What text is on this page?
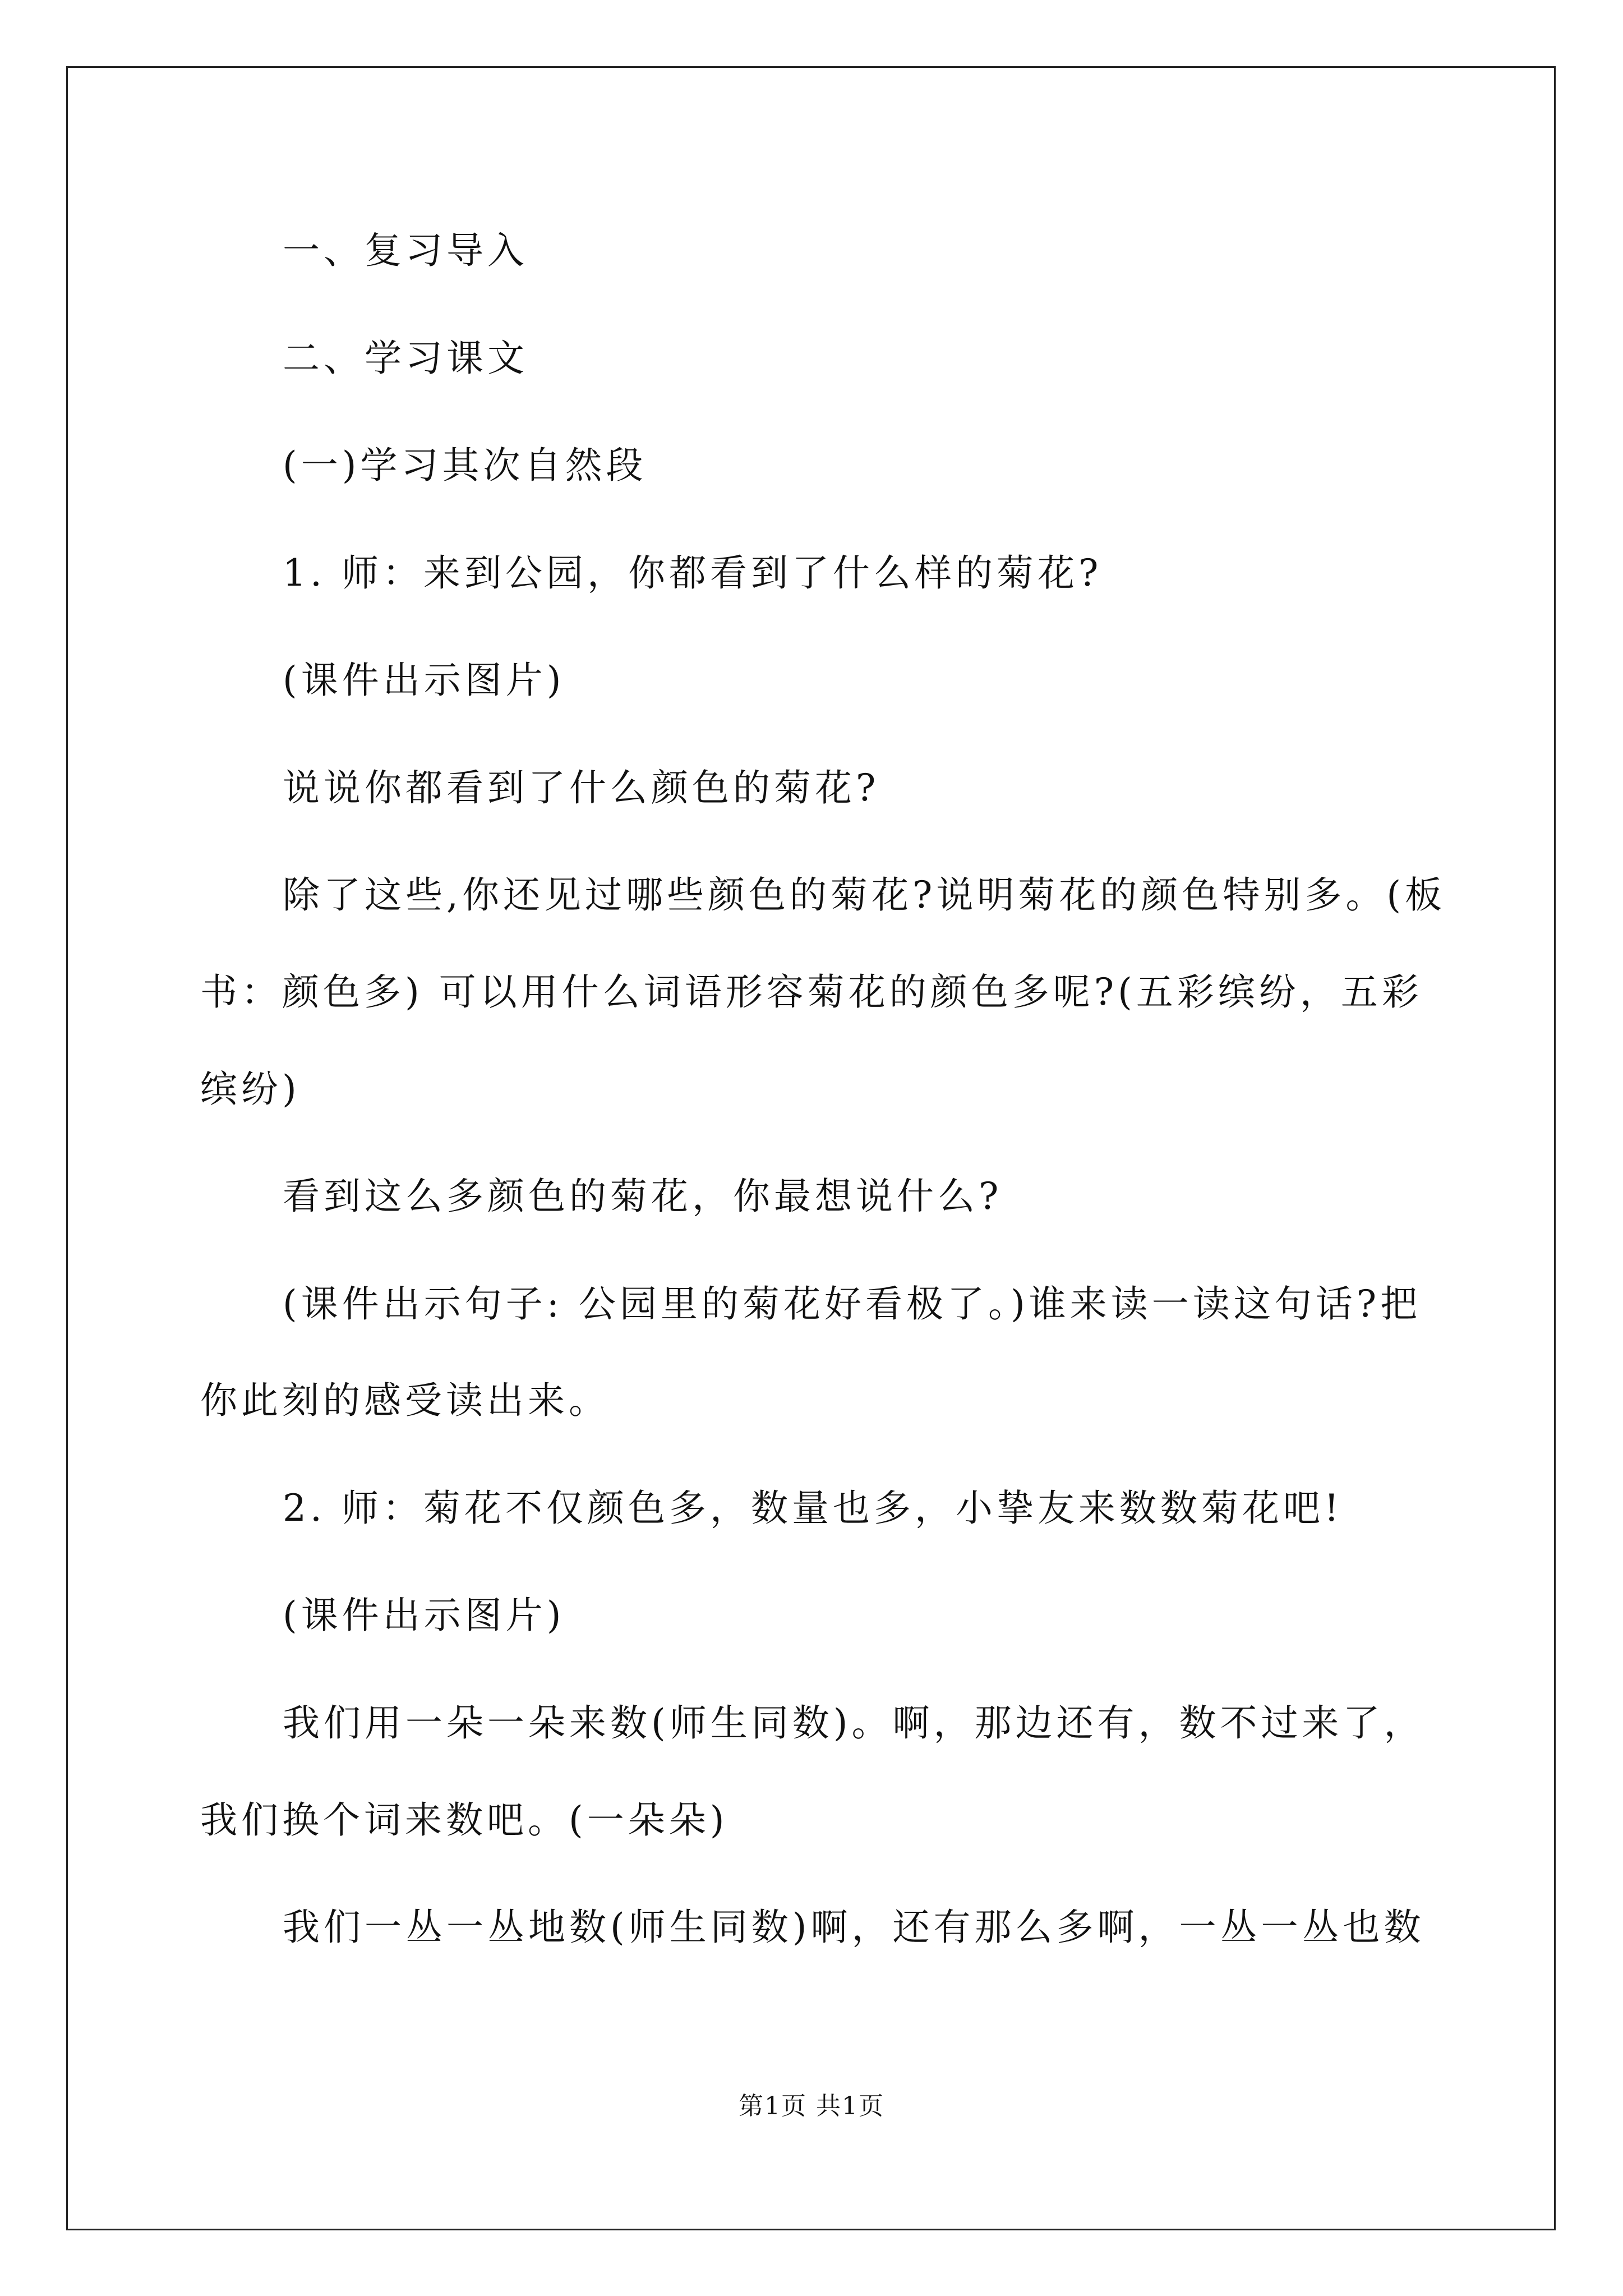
一、复习导入
二、学习课文
(一)学习其次自然段
1. 师：来到公园，你都看到了什么样的菊花?
(课件出示图片)
说说你都看到了什么颜色的菊花?
除了这些,你还见过哪些颜色的菊花?说明菊花的颜色特别多。(板
书：颜色多) 可以用什么词语形容菊花的颜色多呢?(五彩缤纷，五彩
缤纷)
看到这么多颜色的菊花，你最想说什么?
(课件出示句子: 公园里的菊花好看极了。)谁来读一读这句话?把
你此刻的感受读出来。
2. 师：菊花不仅颜色多，数量也多，小挚友来数数菊花吧!
(课件出示图片)
我们用一朵一朵来数(师生同数)。啊，那边还有，数不过来了，
我们换个词来数吧。(一朵朵)
我们一丛一丛地数(师生同数)啊，还有那么多啊，一丛一丛也数
第1页 共1页
